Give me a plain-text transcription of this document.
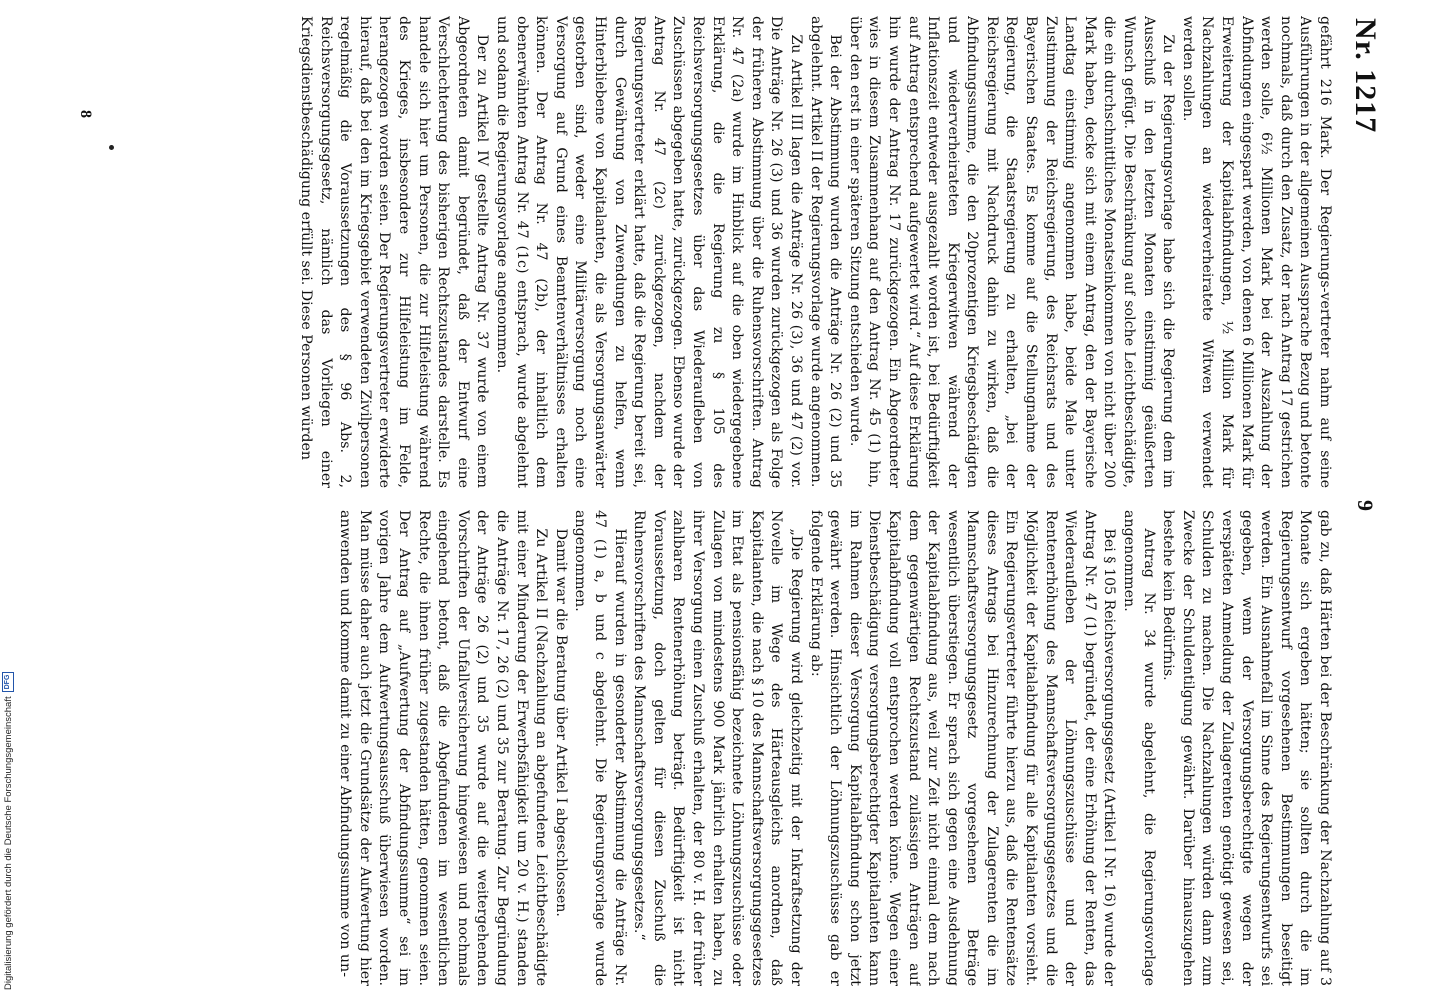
Nr. 1217
9

gefährt 216 Mark. Der Regierungs-vertreter nahm auf seine Ausführungen in der allgemeinen Aussprache Bezug und betonte nochmals, daß durch den Zusatz, der nach Antrag 17 gestrichen werden solle, 6½ Millionen Mark bei der Auszahlung der Abfindungen eingespart werden, von denen 6 Millionen Mark für Erweiterung der Kapitalabfindungen, ½ Million Mark für Nachzahlungen an wiederverheiratete Witwen verwendet werden sollen.

Zu der Regierungsvorlage habe sich die Regierung dem im Ausschuß in den letzten Monaten einstimmig geäußerten Wunsch gefügt. Die Beschränkung auf solche Leichtbeschädigte, die ein durchschnittliches Monatseinkommen von nicht über 200 Mark haben, decke sich mit einem Antrag, den der Bayerische Landtag einstimmig angenommen habe, beide Male unter Zustimmung der Reichsregierung, des Reichsrats und des Bayerischen Staates. Es komme auf die Stellungnahme der Regierung, die Staatsregierung zu erhalten, „bei der Reichsregierung mit Nachdruck dahin zu wirken, daß die Abfindungssumme, die den 20prozentigen Kriegsbeschädigten und wiederverheirateten Kriegerwitwen während der Inflationszeit entweder ausgezahlt worden ist, bei Bedürftigkeit auf Antrag entsprechend aufgewertet wird.“ Auf diese Erklärung hin wurde der Antrag Nr. 17 zurückgezogen. Ein Abgeordneter wies in diesem Zusammenhang auf den Antrag Nr. 45 (1) hin, über den erst in einer späteren Sitzung entschieden wurde.

Bei der Abstimmung wurden die Anträge Nr. 26 (2) und 35 abgelehnt. Artikel II der Regierungsvorlage wurde angenommen.

Zu Artikel III lagen die Anträge Nr. 26 (3), 36 und 47 (2) vor. Die Anträge Nr. 26 (3) und 36 wurden zurückgezogen als Folge der früheren Abstimmung über die Ruhensvorschriften. Antrag Nr. 47 (2a) wurde im Hinblick auf die oben wiedergegebene Erklärung, die die Regierung zu § 105 des Reichsversorgungsgesetzes über das Wiederaufleben von Zuschüssen abgegeben hatte, zurückgezogen. Ebenso wurde der Antrag Nr. 47 (2c) zurückgezogen, nachdem der Regierungsvertreter erklärt hatte, daß die Regierung bereit sei, durch Gewährung von Zuwendungen zu helfen, wenn Hinterbliebene von Kapitalanten, die als Versorgungsanwärter gestorben sind, weder eine Militärversorgung noch eine Versorgung auf Grund eines Beamtenverhältnisses erhalten können. Der Antrag Nr. 47 (2b), der inhaltlich dem obenerwähnten Antrag Nr. 47 (1c) entsprach, wurde abgelehnt und sodann die Regierungsvorlage angenommen.

Der zu Artikel IV gestellte Antrag Nr. 37 wurde von einem Abgeordneten damit begründet, daß der Entwurf eine Verschlechterung des bisherigen Rechtszustandes darstelle. Es handele sich hier um Personen, die zur Hilfeleistung während des Krieges, insbesondere zur Hilfeleistung im Felde, herangezogen worden seien. Der Regierungsvertreter erwiderte hierauf, daß bei den im Kriegsgebiet verwendeten Zivilpersonen regelmäßig die Voraussetzungen des § 96 Abs. 2, Reichsversorgungsgesetz, nämlich das Vorliegen einer Kriegsdienstbeschädigung erfüllt sei. Diese Personen würden

gab zu, daß Härten bei der Beschränkung der Nachzahlung auf 3 Monate sich ergeben hätten; sie sollten durch die im Regierungsentwurf vorgesehenen Bestimmungen beseitigt werden. Ein Ausnahmefall im Sinne des Regierungsentwurfs sei gegeben, wenn der Versorgungsberechtigte wegen der verspäteten Anmeldung der Zulagerenten genötigt gewesen sei, Schulden zu machen. Die Nachzahlungen würden dann zum Zwecke der Schuldentilgung gewährt. Darüber hinauszugehen bestehe kein Bedürfnis.

Antrag Nr. 34 wurde abgelehnt, die Regierungsvorlage angenommen.

Bei § 105 Reichsversorgungsgesetz (Artikel I Nr. 16) wurde der Antrag Nr. 47 (1) begründet, der eine Erhöhung der Renten, das Wiederaufleben der Löhnungszuschüsse und der Rentenerhöhung des Mannschaftsversorgungsgesetzes und die Möglichkeit der Kapitalabfindung für alle Kapitalanten vorsieht. Ein Regierungsvertreter führte hierzu aus, daß die Rentensätze dieses Antrags bei Hinzurechnung der Zulagerenten die im Mannschaftsversorgungsgesetz vorgesehenen Beträge wesentlich überstiegen. Er sprach sich gegen eine Ausdehnung der Kapitalabfindung aus, weil zur Zeit nicht einmal dem nach dem gegenwärtigen Rechtszustand zulässigen Anträgen auf Kapitalabfindung voll entsprochen werden könne. Wegen einer Dienstbeschädigung versorgungsberechtigter Kapitalanten kann im Rahmen dieser Versorgung Kapitalabfindung schon jetzt gewährt werden. Hinsichtlich der Löhnungszuschüsse gab er folgende Erklärung ab:

„Die Regierung wird gleichzeitig mit der Inkraftsetzung der Novelle im Wege des Härteausgleichs anordnen, daß Kapitalanten, die nach § 10 des Mannschaftsversorgungsgesetzes im Etat als pensionsfähig bezeichnete Löhnungszuschüsse oder Zulagen von mindestens 900 Mark jährlich erhalten haben, zu ihrer Versorgung einen Zuschuß erhalten, der 80 v. H. der früher zahlbaren Rentenerhöhung beträgt. Bedürftigkeit ist nicht Voraussetzung, doch gelten für diesen Zuschuß die Ruhensvorschriften des Mannschaftsversorgungsgesetzes.“

Hierauf wurden in gesonderter Abstimmung die Anträge Nr. 47 (1) a, b und c abgelehnt. Die Regierungsvorlage wurde angenommen.

Damit war die Beratung über Artikel I abgeschlossen.

Zu Artikel II (Nachzahlung an abgefundene Leichtbeschädigte mit einer Minderung der Erwerbsfähigkeit um 20 v. H.) standen die Anträge Nr. 17, 26 (2) und 35 zur Beratung. Zur Begründung der Anträge 26 (2) und 35 wurde auf die weitergehenden Vorschriften der Unfallversicherung hingewiesen und nochmals eingehend betont, daß die Abgefundenen im wesentlichen Rechte, die ihnen früher zugestanden hätten, genommen seien. Der Antrag auf „Aufwertung der Abfindungssumme“ sei im vorigen Jahre dem Aufwertungsausschuß überwiesen worden. Man müsse daher auch jetzt die Grundsätze der Aufwertung hier anwenden und komme damit zu einer Abfindungssumme von un-

8
Digitalisierung gefördert durch die Deutsche Forschungsgemeinschaft
DFG
